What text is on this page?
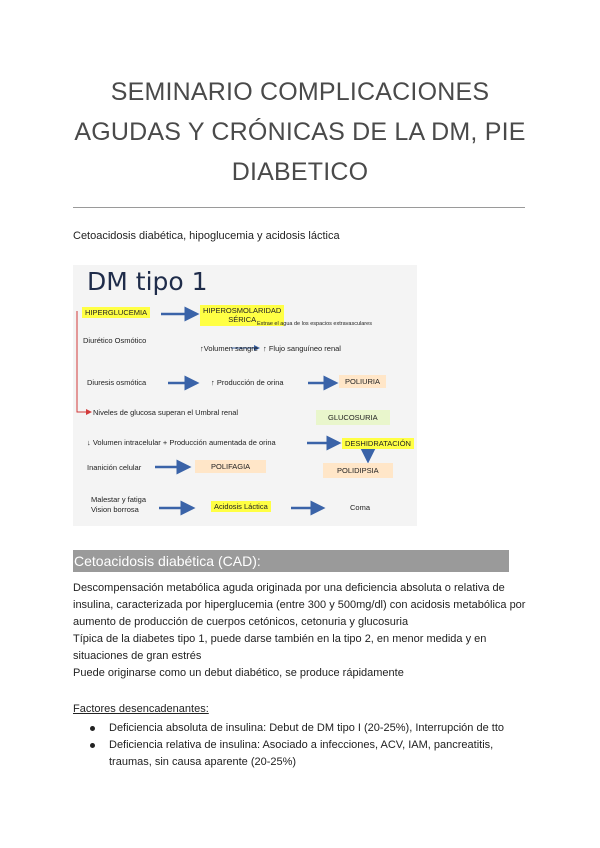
SEMINARIO COMPLICACIONES AGUDAS Y CRÓNICAS DE LA DM, PIE DIABETICO
Cetoacidosis diabética, hipoglucemia y acidosis láctica
DM tipo 1
HIPERGLUCEMIA	HIPEROSMOLARIDAD
SÉRICA Extrae el agua de los espacios extravasculares
Diurético Osmótico
↑Volumen sangre ↑ Flujo sanguíneo renal
Diuresis osmótica	↑ Producción de orina	POLIURIA
Niveles de glucosa superan el Umbral renal
GLUCOSURIA
↓ Volumen intracelular + Producción aumentada de orina	DESHIDRATACIÓN
POLIDIPSIA
Inanición celular	POLIFAGIA
Malestar y fatiga
Vision borrosa	Acidosis Láctica	Coma
Cetoacidosis diabética (CAD):
Descompensación metabólica aguda originada por una deficiencia absoluta o relativa de insulina, caracterizada por hiperglucemia (entre 300 y 500mg/dl) con acidosis metabólica por aumento de producción de cuerpos cetónicos, cetonuria y glucosuria
Típica de la diabetes tipo 1, puede darse también en la tipo 2, en menor medida y en situaciones de gran estrés
Puede originarse como un debut diabético, se produce rápidamente
Factores desencadenantes:
Deficiencia absoluta de insulina: Debut de DM tipo I (20-25%), Interrupción de tto
Deficiencia relativa de insulina: Asociado a infecciones, ACV, IAM, pancreatitis, traumas, sin causa aparente (20-25%)
